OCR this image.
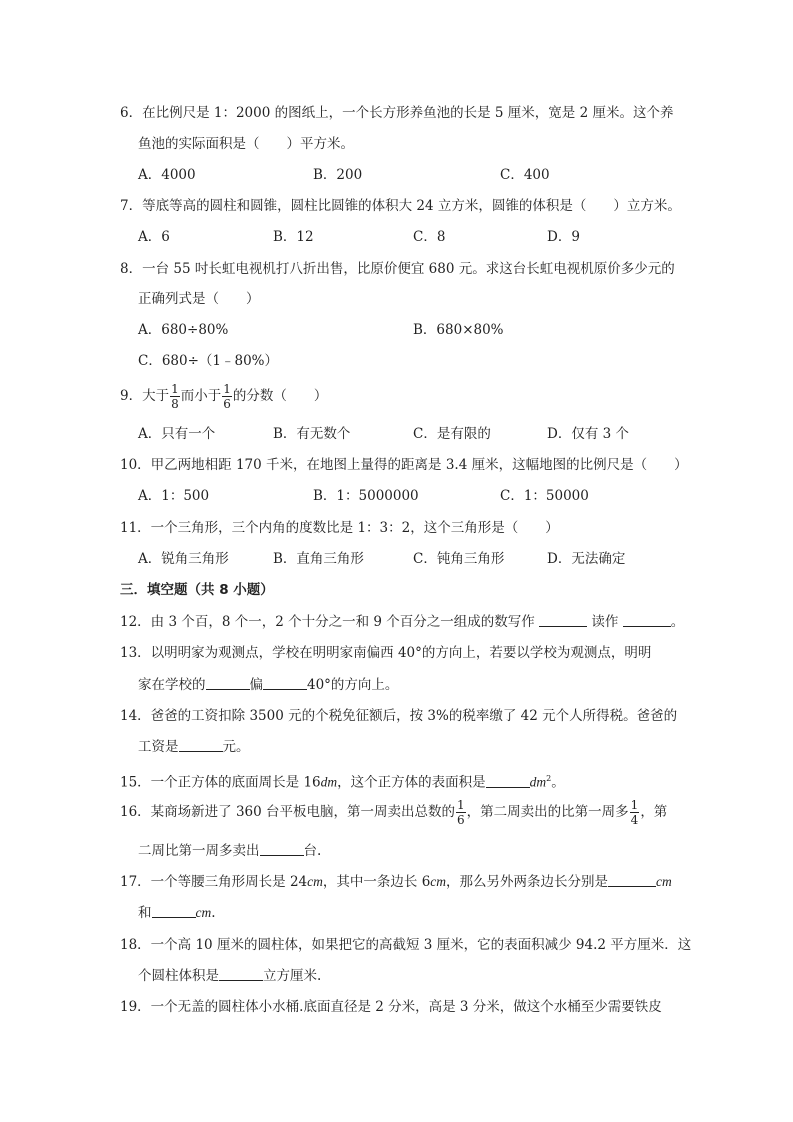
6．在比例尺是 1：2000 的图纸上，一个长方形养鱼池的长是 5 厘米，宽是 2 厘米。这个养
鱼池的实际面积是（　　）平方米。
A．4000	B．200	C．400
7．等底等高的圆柱和圆锥，圆柱比圆锥的体积大 24 立方米，圆锥的体积是（　　）立方米。
A．6	B．12	C．8	D．9
8．一台 55 吋长虹电视机打八折出售，比原价便宜 680 元。求这台长虹电视机原价多少元的
正确列式是（　　）
A．680÷80%	B．680×80%
C．680÷（1﹣80%）
9．大于 $\frac{1}{8}$ 而小于 $\frac{1}{6}$ 的分数（　　）
A．只有一个	B．有无数个	C．是有限的	D．仅有 3 个
10．甲乙两地相距 170 千米，在地图上量得的距离是 3.4 厘米，这幅地图的比例尺是（　　）
A．1：500	B．1：5000000	C．1：50000
11．一个三角形，三个内角的度数比是 1：3：2，这个三角形是（　　）
A．锐角三角形	B．直角三角形	C．钝角三角形	D．无法确定
三．填空题（共 8 小题）
12．由 3 个百，8 个一，2 个十分之一和 9 个百分之一组成的数写作	读作	。
13．以明明家为观测点，学校在明明家南偏西 40°的方向上，若要以学校为观测点，明明
家在学校的	偏	40°的方向上。
14．爸爸的工资扣除 3500 元的个税免征额后，按 3%的税率缴了 42 元个人所得税。爸爸的
工资是	元。
15．一个正方体的底面周长是 16dm，这个正方体的表面积是	$dm^2$。
16．某商场新进了 360 台平板电脑，第一周卖出总数的 $\frac{1}{6}$ ，第二周卖出的比第一周多 $\frac{1}{4}$ ，第
二周比第一周多卖出	台.
17．一个等腰三角形周长是 24cm，其中一条边长 6cm，那么另外两条边长分别是	cm
和	cm.
18．一个高 10 厘米的圆柱体，如果把它的高截短 3 厘米，它的表面积减少 94.2 平方厘米．这
个圆柱体积是	立方厘米.
19．一个无盖的圆柱体小水桶.底面直径是 2 分米，高是 3 分米，做这个水桶至少需要铁皮
